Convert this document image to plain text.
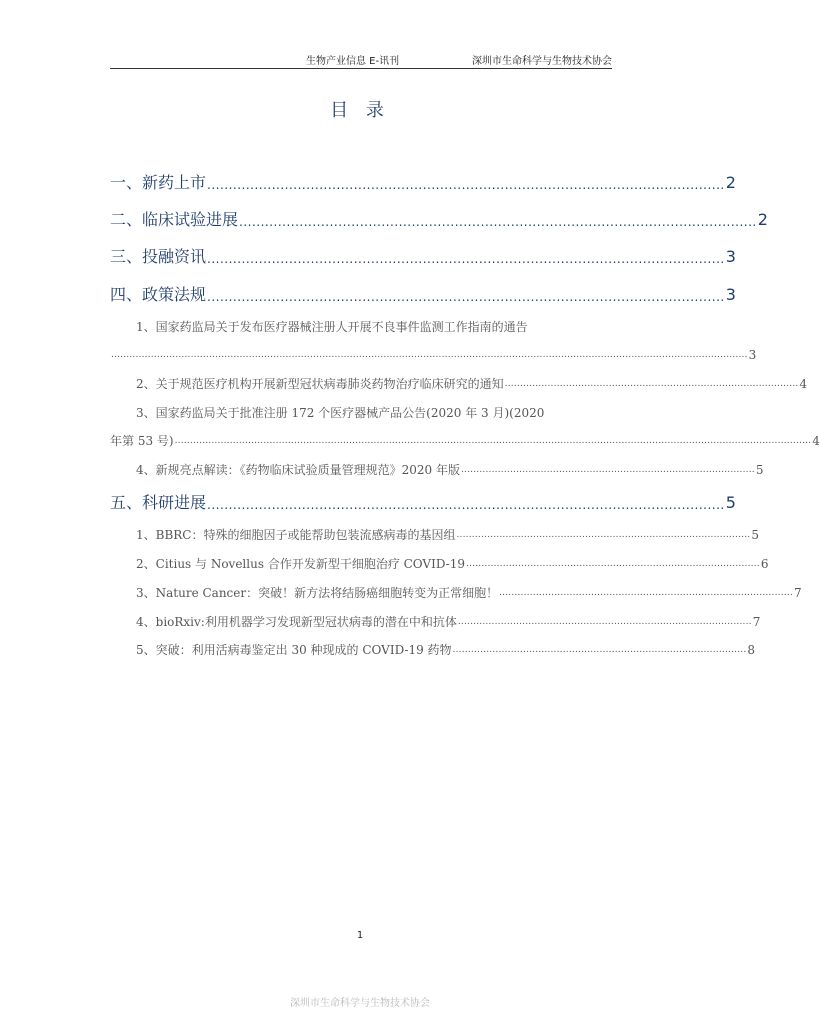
生物产业信息 E-讯刊	深圳市生命科学与生物技术协会
目 录
一、新药上市 ........................................................................................................................ 2
二、临床试验进展 ........................................................................................................................ 2
三、投融资讯 ........................................................................................................................ 3
四、政策法规 ........................................................................................................................ 3
1、国家药监局关于发布医疗器械注册人开展不良事件监测工作指南的通告
................................................................................................................................................................................................................ 3
2、关于规范医疗机构开展新型冠状病毒肺炎药物治疗临床研究的通知 ................................................................................................ 4
3、国家药监局关于批准注册 172 个医疗器械产品公告(2020 年 3 月)(2020
年第 53 号) ................................................................................................................................................................................................................ 4
4、新规亮点解读：《药物临床试验质量管理规范》2020 年版 ................................................................................................ 5
五、科研进展 ........................................................................................................................ 5
1、BBRC：特殊的细胞因子或能帮助包装流感病毒的基因组 ................................................................................................ 5
2、Citius 与 Novellus 合作开发新型干细胞治疗 COVID-19 ................................................................................................ 6
3、Nature Cancer：突破！新方法将结肠癌细胞转变为正常细胞！ ................................................................................................ 7
4、bioRxiv:利用机器学习发现新型冠状病毒的潜在中和抗体 ................................................................................................ 7
5、突破：利用活病毒鉴定出 30 种现成的 COVID-19 药物 ................................................................................................ 8
1
深圳市生命科学与生物技术协会
